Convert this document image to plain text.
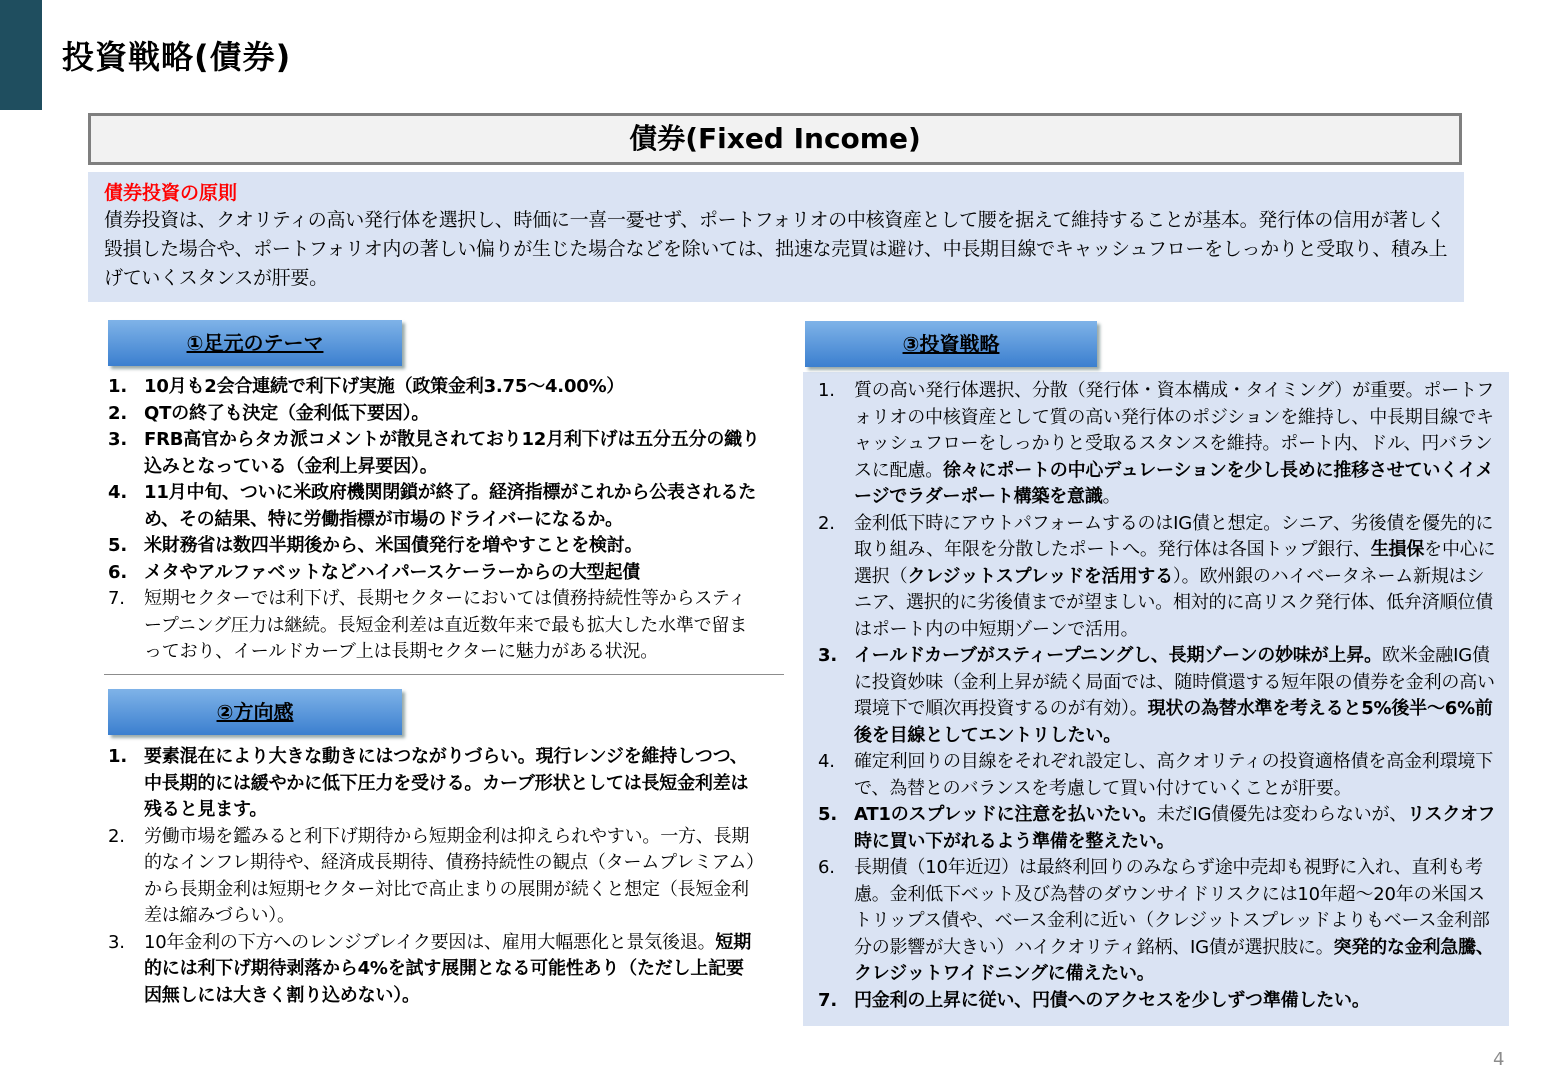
投資戦略(債券)
債券(Fixed Income)
債券投資の原則
債券投資は、クオリティの高い発行体を選択し、時価に一喜一憂せず、ポートフォリオの中核資産として腰を据えて維持することが基本。発行体の信用が著しく毀損した場合や、ポートフォリオ内の著しい偏りが生じた場合などを除いては、拙速な売買は避け、中長期目線でキャッシュフローをしっかりと受取り、積み上げていくスタンスが肝要。
①足元のテーマ
1. 10月も2会合連続で利下げ実施（政策金利3.75～4.00%）
2. QTの終了も決定（金利低下要因）。
3. FRB高官からタカ派コメントが散見されており12月利下げは五分五分の織り込みとなっている（金利上昇要因）。
4. 11月中旬、ついに米政府機関閉鎖が終了。経済指標がこれから公表されるため、その結果、特に労働指標が市場のドライバーになるか。
5. 米財務省は数四半期後から、米国債発行を増やすことを検討。
6. メタやアルファベットなどハイパースケーラーからの大型起債
7.	短期セクターでは利下げ、長期セクターにおいては債務持続性等からスティープニング圧力は継続。長短金利差は直近数年来で最も拡大した水準で留まっており、イールドカーブ上は長期セクターに魅力がある状況。
②方向感
1. 要素混在により大きな動きにはつながりづらい。現行レンジを維持しつつ、中長期的には緩やかに低下圧力を受ける。カーブ形状としては長短金利差は残ると見ます。
2.	労働市場を鑑みると利下げ期待から短期金利は抑えられやすい。一方、長期的なインフレ期待や、経済成長期待、債務持続性の観点（タームプレミアム）から長期金利は短期セクター対比で高止まりの展開が続くと想定（長短金利差は縮みづらい）。
3.	10年金利の下方へのレンジブレイク要因は、雇用大幅悪化と景気後退。短期的には利下げ期待剥落から4%を試す展開となる可能性あり（ただし上記要因無しには大きく割り込めない）。
③投資戦略
1.	質の高い発行体選択、分散（発行体・資本構成・タイミング）が重要。ポートフォリオの中核資産として質の高い発行体のポジションを維持し、中長期目線でキャッシュフローをしっかりと受取るスタンスを維持。ポート内、ドル、円バランスに配慮。徐々にポートの中心デュレーションを少し長めに推移させていくイメージでラダーポート構築を意識。
2.	金利低下時にアウトパフォームするのはIG債と想定。シニア、劣後債を優先的に取り組み、年限を分散したポートへ。発行体は各国トップ銀行、生損保を中心に選択（クレジットスプレッドを活用する）。欧州銀のハイベータネーム新規はシニア、選択的に劣後債までが望ましい。相対的に高リスク発行体、低弁済順位債はポート内の中短期ゾーンで活用。
3. イールドカーブがスティープニングし、長期ゾーンの妙味が上昇。欧米金融IG債に投資妙味（金利上昇が続く局面では、随時償還する短年限の債券を金利の高い環境下で順次再投資するのが有効）。現状の為替水準を考えると5%後半～6%前後を目線としてエントリしたい。
4.	確定利回りの目線をそれぞれ設定し、高クオリティの投資適格債を高金利環境下で、為替とのバランスを考慮して買い付けていくことが肝要。
5. AT1のスプレッドに注意を払いたい。未だIG債優先は変わらないが、リスクオフ時に買い下がれるよう準備を整えたい。
6.	長期債（10年近辺）は最終利回りのみならず途中売却も視野に入れ、直利も考慮。金利低下ベット及び為替のダウンサイドリスクには10年超～20年の米国ストリップス債や、ベース金利に近い（クレジットスプレッドよりもベース金利部分の影響が大きい）ハイクオリティ銘柄、IG債が選択肢に。突発的な金利急騰、クレジットワイドニングに備えたい。
7. 円金利の上昇に従い、円債へのアクセスを少しずつ準備したい。
4
